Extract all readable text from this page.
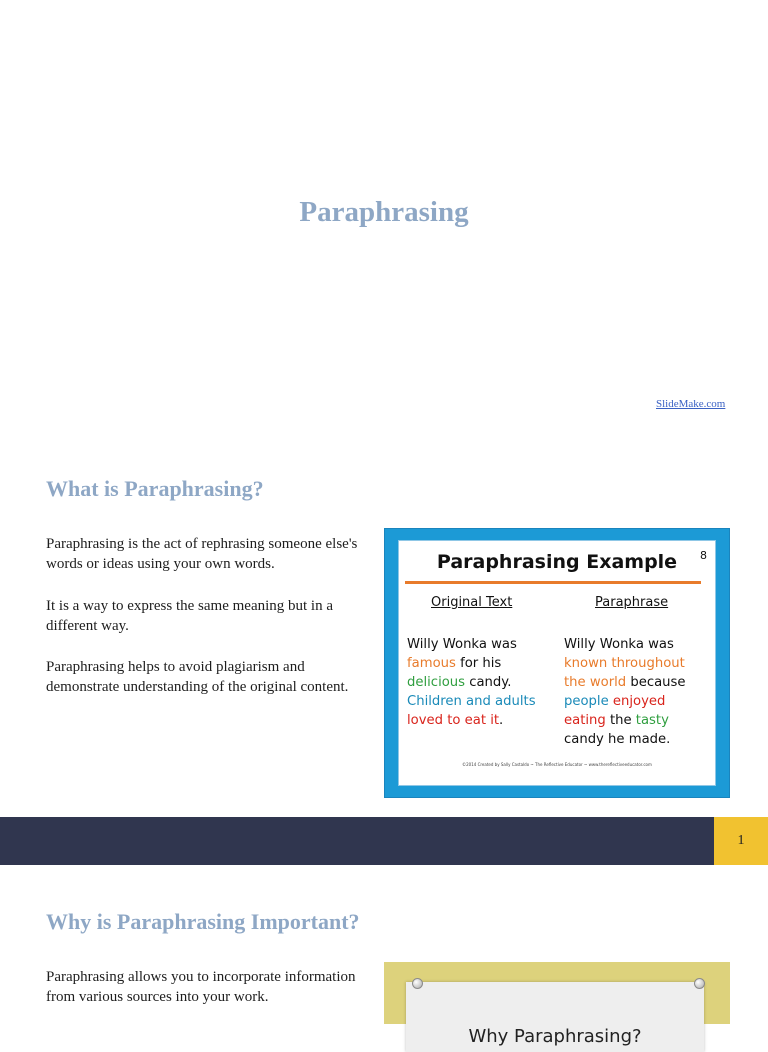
Paraphrasing
SlideMake.com
What is Paraphrasing?
Paraphrasing is the act of rephrasing someone else's words or ideas using your own words.
It is a way to express the same meaning but in a different way.
Paraphrasing helps to avoid plagiarism and demonstrate understanding of the original content.
Paraphrasing Example	8
Original Text	Paraphrase
Willy Wonka was
famous for his
delicious candy.
Children and adults
loved to eat it.
Willy Wonka was
known throughout
the world because
people enjoyed
eating the tasty
candy he made.
©2014 Created by Sally Castaldo ~ The Reflective Educator ~ www.thereflectiveeducator.com
1
Why is Paraphrasing Important?
Paraphrasing allows you to incorporate information from various sources into your work.
Why Paraphrasing?
